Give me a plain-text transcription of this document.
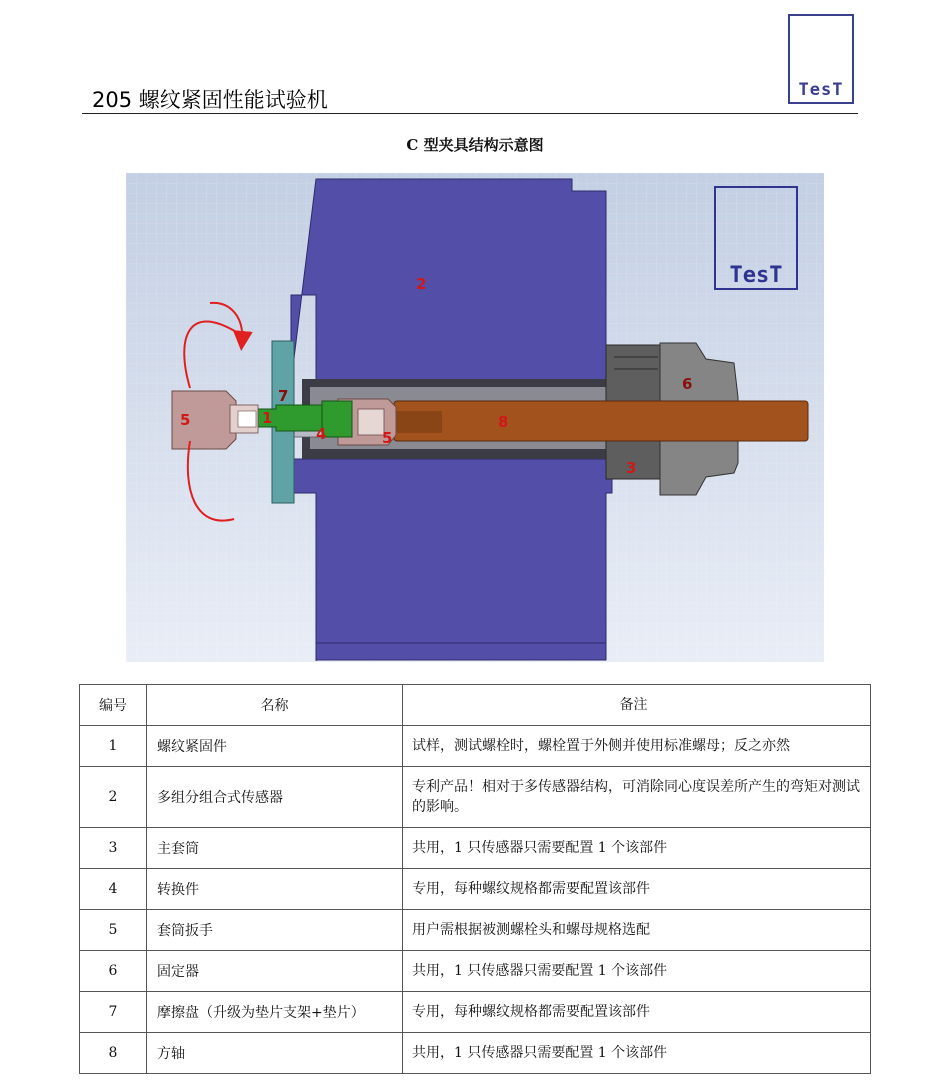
TesT
205 螺纹紧固性能试验机
C 型夹具结构示意图
2
7
5	1
4	5
8
6
3
TesT
编号	名称	备注
1	螺纹紧固件	试样，测试螺栓时，螺栓置于外侧并使用标准螺母；反之亦然
2	多组分组合式传感器	专利产品！相对于多传感器结构，可消除同心度误差所产生的弯矩对测试的影响。
3	主套筒	共用，1 只传感器只需要配置 1 个该部件
4	转换件	专用，每种螺纹规格都需要配置该部件
5	套筒扳手	用户需根据被测螺栓头和螺母规格选配
6	固定器	共用，1 只传感器只需要配置 1 个该部件
7	摩擦盘（升级为垫片支架+垫片）	专用，每种螺纹规格都需要配置该部件
8	方轴	共用，1 只传感器只需要配置 1 个该部件
